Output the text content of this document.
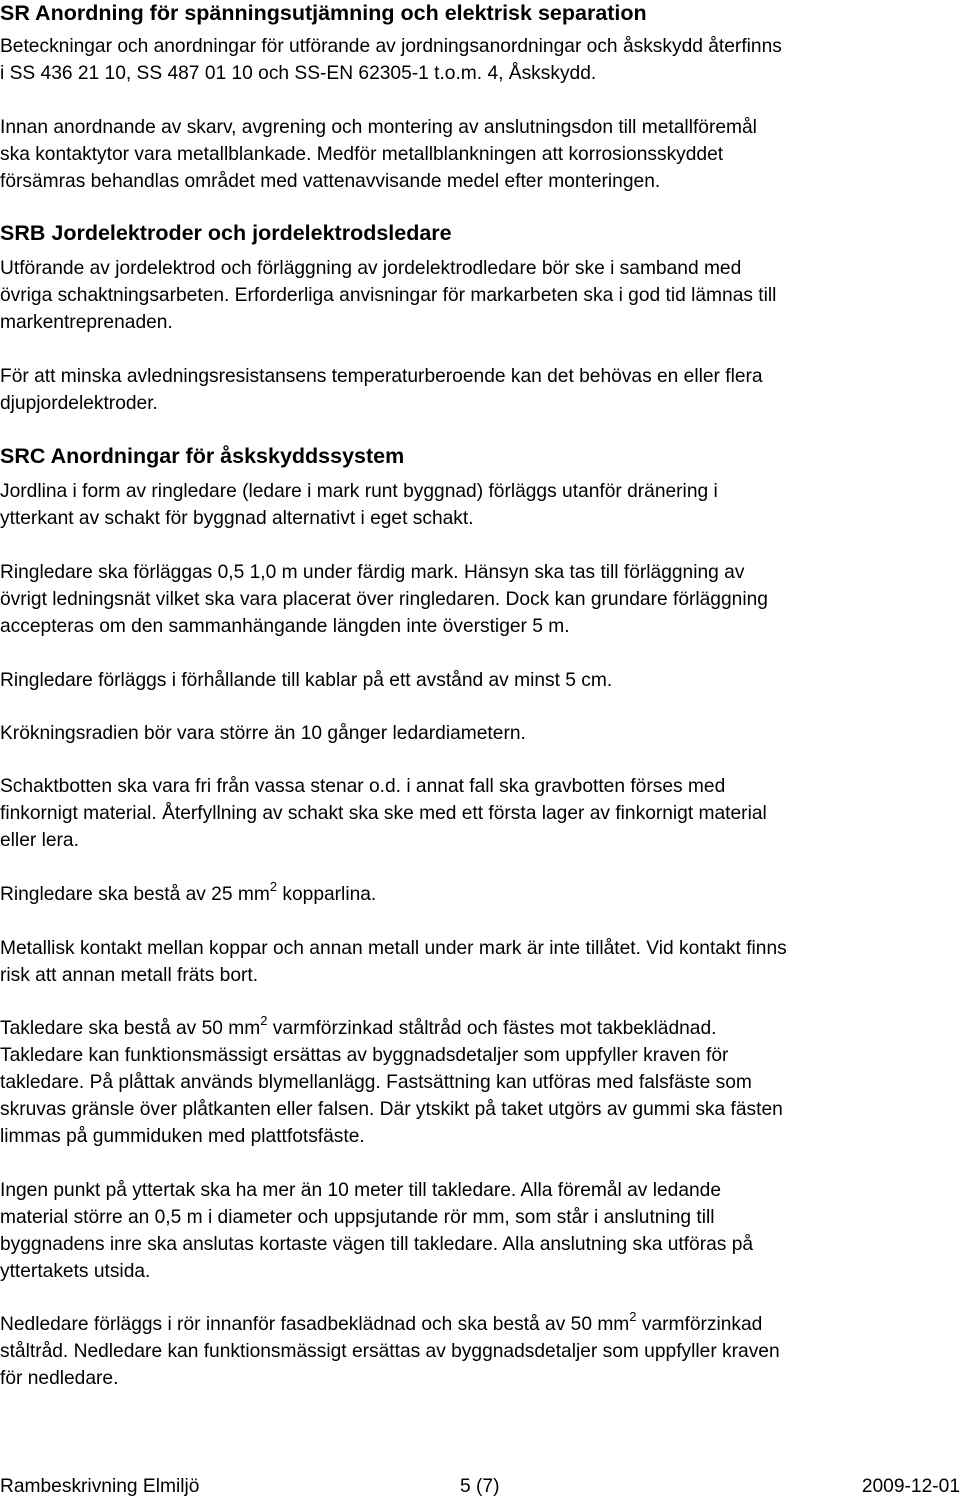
SR Anordning för spänningsutjämning och elektrisk separation
Beteckningar och anordningar för utförande av jordningsanordningar och åskskydd återfinns
i SS 436 21 10, SS 487 01 10 och SS-EN 62305-1 t.o.m. 4, Åskskydd.
Innan anordnande av skarv, avgrening och montering av anslutningsdon till metallföremål
ska kontaktytor vara metallblankade. Medför metallblankningen att korrosionsskyddet
försämras behandlas området med vattenavvisande medel efter monteringen.
SRB Jordelektroder och jordelektrodsledare
Utförande av jordelektrod och förläggning av jordelektrodledare bör ske i samband med
övriga schaktningsarbeten. Erforderliga anvisningar för markarbeten ska i god tid lämnas till
markentreprenaden.
För att minska avledningsresistansens temperaturberoende kan det behövas en eller flera
djupjordelektroder.
SRC Anordningar för åskskyddssystem
Jordlina i form av ringledare (ledare i mark runt byggnad) förläggs utanför dränering i
ytterkant av schakt för byggnad alternativt i eget schakt.
Ringledare ska förläggas 0,5 1,0 m under färdig mark. Hänsyn ska tas till förläggning av
övrigt ledningsnät vilket ska vara placerat över ringledaren. Dock kan grundare förläggning
accepteras om den sammanhängande längden inte överstiger 5 m.
Ringledare förläggs i förhållande till kablar på ett avstånd av minst 5 cm.
Krökningsradien bör vara större än 10 gånger ledardiametern.
Schaktbotten ska vara fri från vassa stenar o.d. i annat fall ska gravbotten förses med
finkornigt material. Återfyllning av schakt ska ske med ett första lager av finkornigt material
eller lera.
Ringledare ska bestå av 25 $mm^2$ kopparlina.
Metallisk kontakt mellan koppar och annan metall under mark är inte tillåtet. Vid kontakt finns
risk att annan metall fräts bort.
Takledare ska bestå av 50 $mm^2$ varmförzinkad ståltråd och fästes mot takbeklädnad.
Takledare kan funktionsmässigt ersättas av byggnadsdetaljer som uppfyller kraven för
takledare. På plåttak används blymellanlägg. Fastsättning kan utföras med falsfäste som
skruvas gränsle över plåtkanten eller falsen. Där ytskikt på taket utgörs av gummi ska fästen
limmas på gummiduken med plattfotsfäste.
Ingen punkt på yttertak ska ha mer än 10 meter till takledare. Alla föremål av ledande
material större an 0,5 m i diameter och uppsjutande rör mm, som står i anslutning till
byggnadens inre ska anslutas kortaste vägen till takledare. Alla anslutning ska utföras på
yttertakets utsida.
Nedledare förläggs i rör innanför fasadbeklädnad och ska bestå av 50 $mm^2$ varmförzinkad
ståltråd. Nedledare kan funktionsmässigt ersättas av byggnadsdetaljer som uppfyller kraven
för nedledare.
Rambeskrivning Elmiljö	5 (7)	2009-12-01
